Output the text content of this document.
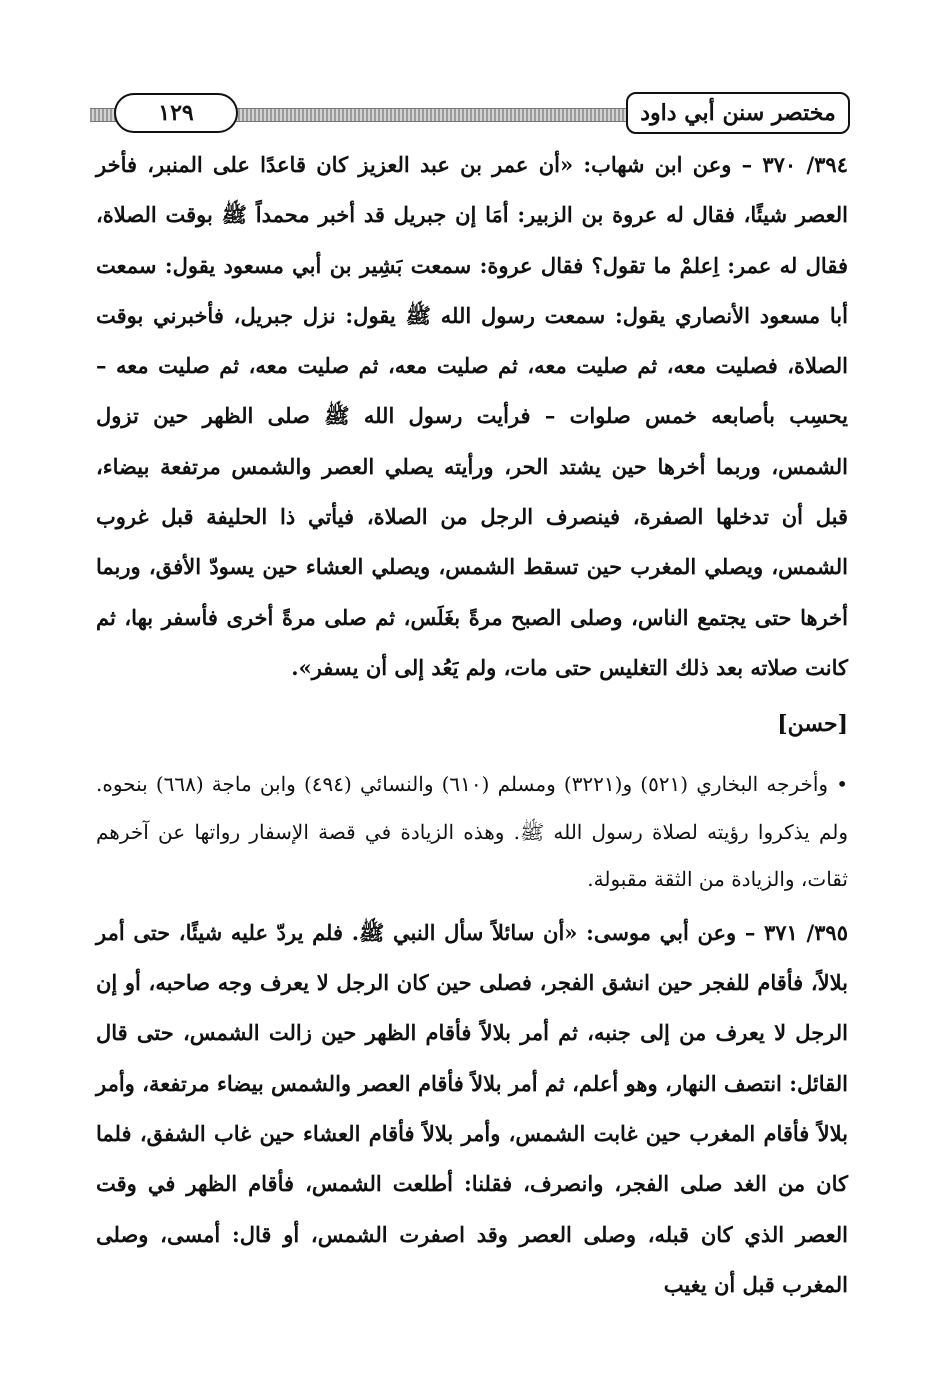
١٢٩	مختصر سنن أبي داود

٣٩٤/ ٣٧٠ – وعن ابن شهاب: «أن عمر بن عبد العزيز كان قاعدًا على المنبر، فأخر العصر شيئًا، فقال له عروة بن الزبير: أمَا إن جبريل قد أخبر محمداً ﷺ بوقت الصلاة، فقال له عمر: اِعلمْ ما تقول؟ فقال عروة: سمعت بَشِير بن أبي مسعود يقول: سمعت أبا مسعود الأنصاري يقول: سمعت رسول الله ﷺ يقول: نزل جبريل، فأخبرني بوقت الصلاة، فصليت معه، ثم صليت معه، ثم صليت معه، ثم صليت معه، ثم صليت معه – يحسِب بأصابعه خمس صلوات – فرأيت رسول الله ﷺ صلى الظهر حين تزول الشمس، وربما أخرها حين يشتد الحر، ورأيته يصلي العصر والشمس مرتفعة بيضاء، قبل أن تدخلها الصفرة، فينصرف الرجل من الصلاة، فيأتي ذا الحليفة قبل غروب الشمس، ويصلي المغرب حين تسقط الشمس، ويصلي العشاء حين يسودّ الأفق، وربما أخرها حتى يجتمع الناس، وصلى الصبح مرةً بغَلَس، ثم صلى مرةً أخرى فأسفر بها، ثم كانت صلاته بعد ذلك التغليس حتى مات، ولم يَعُد إلى أن يسفر».

[حسن]

• وأخرجه البخاري (٥٢١) و(٣٢٢١) ومسلم (٦١٠) والنسائي (٤٩٤) وابن ماجة (٦٦٨) بنحوه. ولم يذكروا رؤيته لصلاة رسول الله ﷺ. وهذه الزيادة في قصة الإسفار رواتها عن آخرهم ثقات، والزيادة من الثقة مقبولة.

٣٩٥/ ٣٧١ – وعن أبي موسى: «أن سائلاً سأل النبي ﷺ. فلم يردّ عليه شيئًا، حتى أمر بلالاً، فأقام للفجر حين انشق الفجر، فصلى حين كان الرجل لا يعرف وجه صاحبه، أو إن الرجل لا يعرف من إلى جنبه، ثم أمر بلالاً فأقام الظهر حين زالت الشمس، حتى قال القائل: انتصف النهار، وهو أعلم، ثم أمر بلالاً فأقام العصر والشمس بيضاء مرتفعة، وأمر بلالاً فأقام المغرب حين غابت الشمس، وأمر بلالاً فأقام العشاء حين غاب الشفق، فلما كان من الغد صلى الفجر، وانصرف، فقلنا: أطلعت الشمس، فأقام الظهر في وقت العصر الذي كان قبله، وصلى العصر وقد اصفرت الشمس، أو قال: أمسى، وصلى المغرب قبل أن يغيب
